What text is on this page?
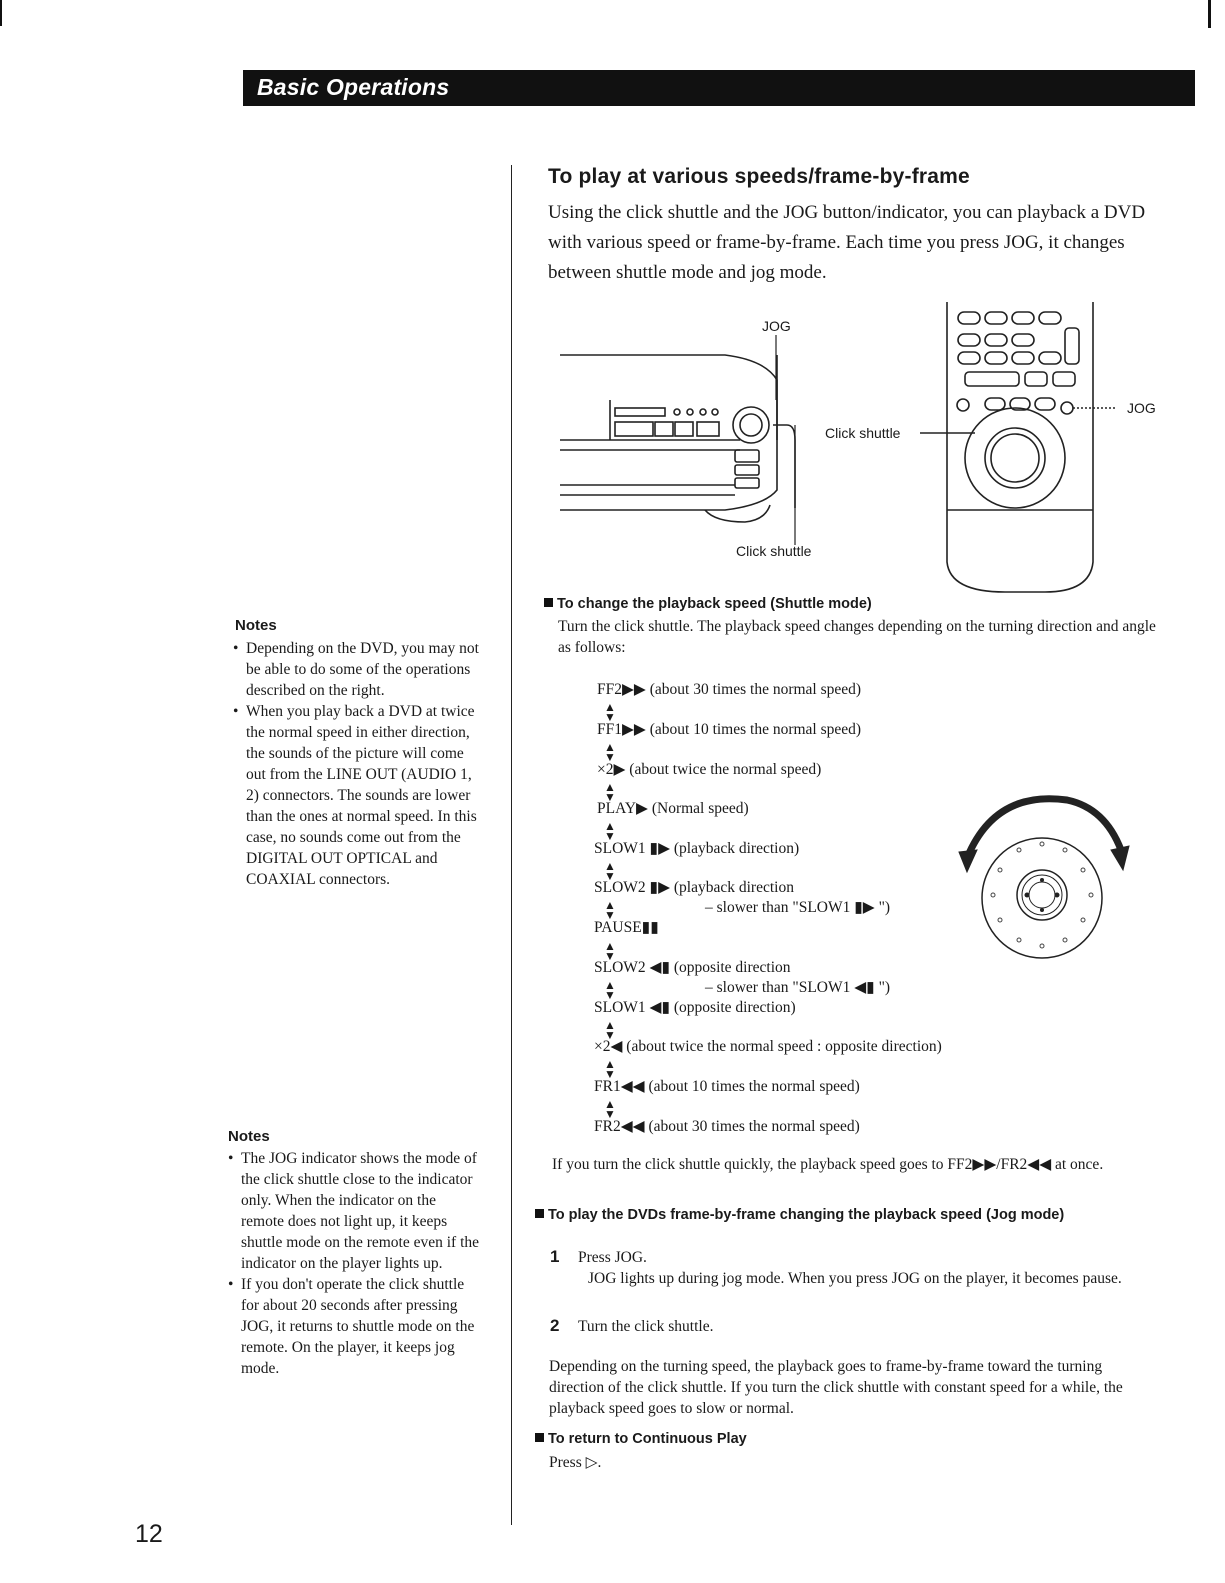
Basic Operations
Notes
• Depending on the DVD, you may not be able to do some of the operations described on the right.
• When you play back a DVD at twice the normal speed in either direction, the sounds of the picture will come out from the LINE OUT (AUDIO 1, 2) connectors. The sounds are lower than the ones at normal speed. In this case, no sounds come out from the DIGITAL OUT OPTICAL and COAXIAL connectors.
Notes
• The JOG indicator shows the mode of the click shuttle close to the indicator only. When the indicator on the remote does not light up, it keeps shuttle mode on the remote even if the indicator on the player lights up.
• If you don't operate the click shuttle for about 20 seconds after pressing JOG, it returns to shuttle mode on the remote. On the player, it keeps jog mode.
To play at various speeds/frame-by-frame
Using the click shuttle and the JOG button/indicator, you can playback a DVD with various speed or frame-by-frame. Each time you press JOG, it changes between shuttle mode and jog mode.
JOG
Click shuttle
Click shuttle
JOG
To change the playback speed (Shuttle mode)
Turn the click shuttle. The playback speed changes depending on the turning direction and angle as follows:
FF2▶▶ (about 30 times the normal speed)
▲
▼
FF1▶▶ (about 10 times the normal speed)
▲
▼
×2▶ (about twice the normal speed)
▲
▼
PLAY▶ (Normal speed)
▲
▼
SLOW1 ▮▶ (playback direction)
▲
▼
SLOW2 ▮▶ (playback direction
– slower than "SLOW1 ▮▶ ")
▲
▼
PAUSE▮▮
▲
▼
SLOW2 ◀▮ (opposite direction
– slower than "SLOW1 ◀▮ ")
▲
▼
SLOW1 ◀▮ (opposite direction)
▲
▼
×2◀ (about twice the normal speed : opposite direction)
▲
▼
FR1◀◀ (about 10 times the normal speed)
▲
▼
FR2◀◀ (about 30 times the normal speed)
If you turn the click shuttle quickly, the playback speed goes to FF2▶▶/FR2◀◀ at once.
To play the DVDs frame-by-frame changing the playback speed (Jog mode)
1 Press JOG.
JOG lights up during jog mode. When you press JOG on the player, it becomes pause.
2 Turn the click shuttle.
Depending on the turning speed, the playback goes to frame-by-frame toward the turning direction of the click shuttle. If you turn the click shuttle with constant speed for a while, the playback speed goes to slow or normal.
To return to Continuous Play
Press ▷.
12
